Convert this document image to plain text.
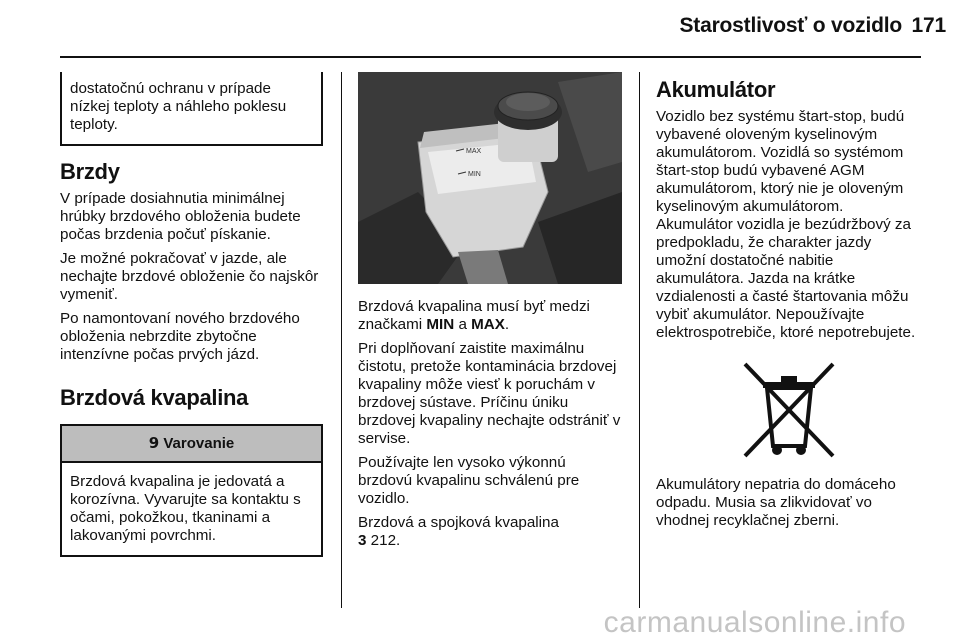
Starostlivosť o vozidlo 171
dostatočnú ochranu v prípade nízkej teploty a náhleho poklesu teploty.
Brzdy

V prípade dosiahnutia minimálnej hrúbky brzdového obloženia budete počas brzdenia počuť pískanie.

Je možné pokračovať v jazde, ale nechajte brzdové obloženie čo najskôr vymeniť.

Po namontovaní nového brzdového obloženia nebrzdite zbytočne intenzívne počas prvých jázd.

Brzdová kvapalina
9 Varovanie
Brzdová kvapalina je jedovatá a korozívna. Vyvarujte sa kontaktu s očami, pokožkou, tkaninami a lakovanými povrchmi.
MAX
MIN

Brzdová kvapalina musí byť medzi značkami MIN a MAX.

Pri doplňovaní zaistite maximálnu čistotu, pretože kontaminácia brzdovej kvapaliny môže viesť k poruchám v brzdovej sústave. Príčinu úniku brzdovej kvapaliny nechajte odstrániť v servise.

Používajte len vysoko výkonnú brzdovú kvapalinu schválenú pre vozidlo.

Brzdová a spojková kvapalina
3 212.

Akumulátor

Vozidlo bez systému štart-stop, budú vybavené oloveným kyselinovým akumulátorom. Vozidlá so systémom štart-stop budú vybavené AGM akumulátorom, ktorý nie je oloveným kyselinovým akumulátorom.

Akumulátor vozidla je bezúdržbový za predpokladu, že charakter jazdy umožní dostatočné nabitie akumulátora. Jazda na krátke vzdialenosti a časté štartovania môžu vybiť akumulátor. Nepoužívajte elektrospotrebiče, ktoré nepotrebujete.

Akumulátory nepatria do domáceho odpadu. Musia sa zlikvidovať vo vhodnej recyklačnej zberni.

carmanualsonline.info
